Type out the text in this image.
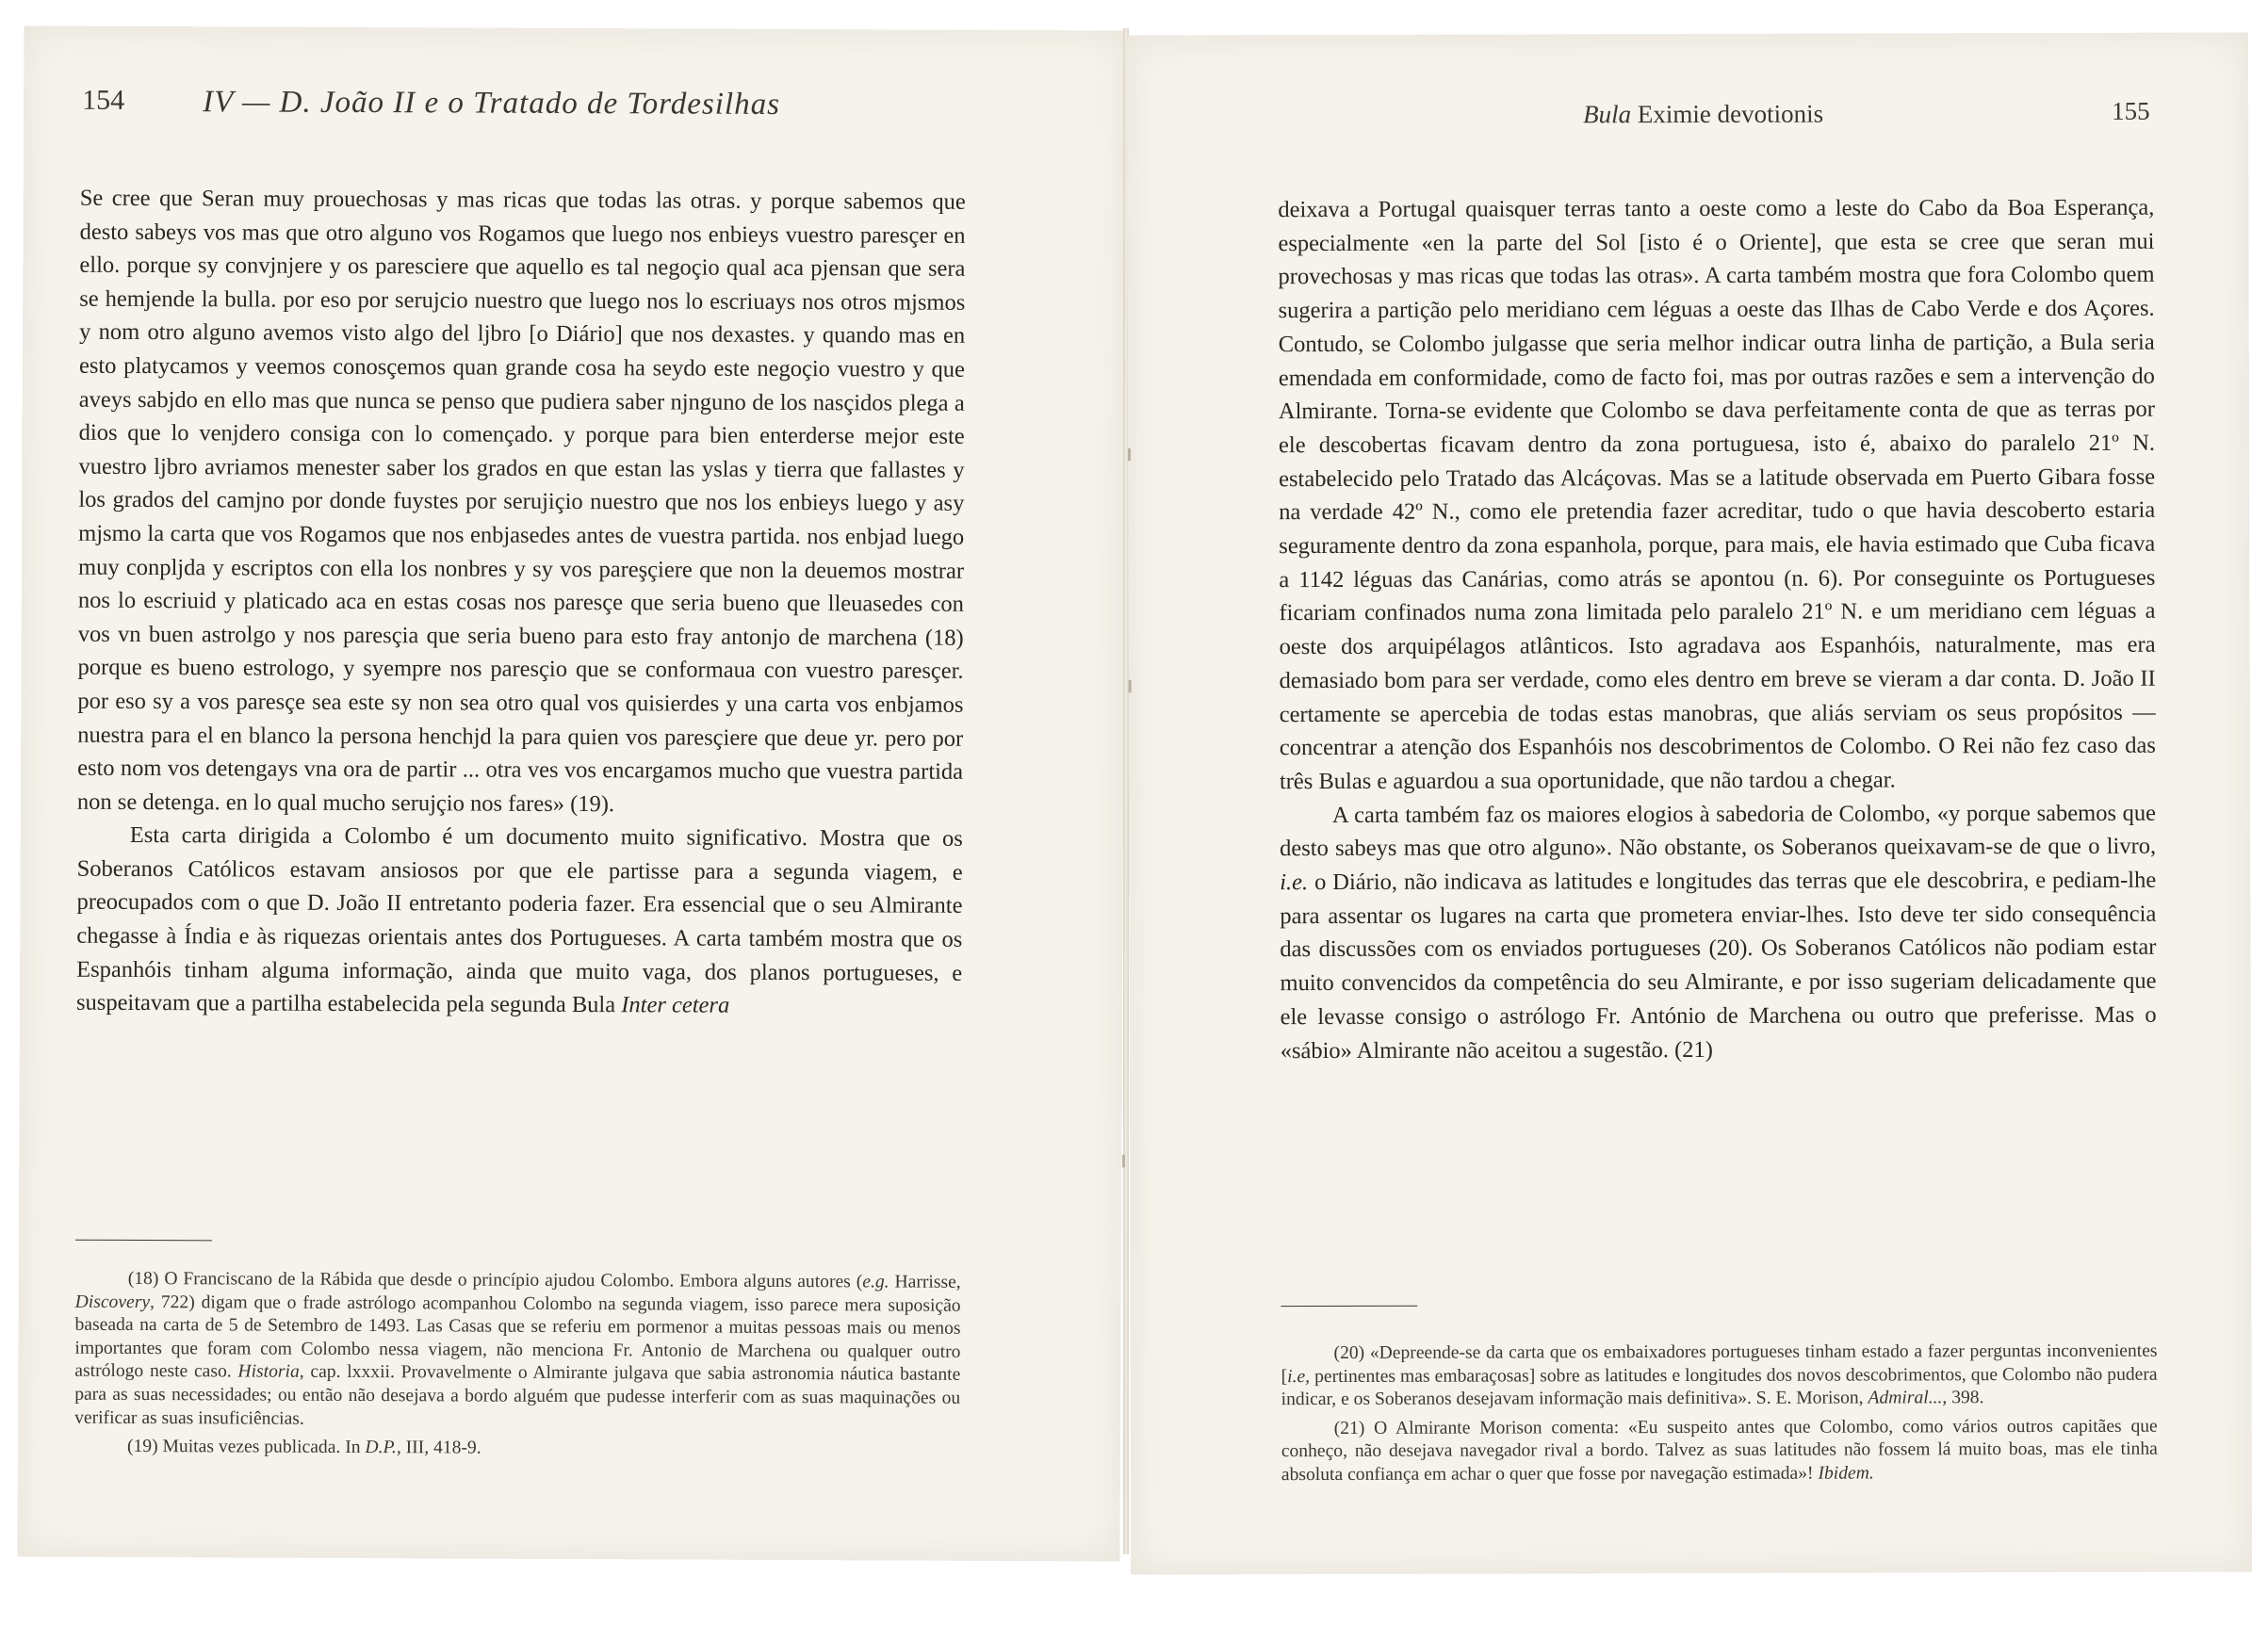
154	IV — D. João II e o Tratado de Tordesilhas

Se cree que Seran muy prouechosas y mas ricas que todas las otras. y porque sabemos que desto sabeys vos mas que otro alguno vos Rogamos que luego nos enbieys vuestro paresçer en ello. porque sy convjnjere y os paresciere que aquello es tal negoçio qual aca pjensan que sera se hemjende la bulla. por eso por serujcio nuestro que luego nos lo escriuays nos otros mjsmos y nom otro alguno avemos visto algo del ljbro [o Diário] que nos dexastes. y quando mas en esto platycamos y veemos conosçemos quan grande cosa ha seydo este negoçio vuestro y que aveys sabjdo en ello mas que nunca se penso que pudiera saber njnguno de los nasçidos plega a dios que lo venjdero consiga con lo començado. y porque para bien enterderse mejor este vuestro ljbro avriamos menester saber los grados en que estan las yslas y tierra que fallastes y los grados del camjno por donde fuystes por serujiçio nuestro que nos los enbieys luego y asy mjsmo la carta que vos Rogamos que nos enbjasedes antes de vuestra partida. nos enbjad luego muy conpljda y escriptos con ella los nonbres y sy vos pareşçiere que non la deuemos mostrar nos lo escriuid y platicado aca en estas cosas nos paresçe que seria bueno que lleuasedes con vos vn buen astrolgo y nos paresçia que seria bueno para esto fray antonjo de marchena (18) porque es bueno estrologo, y syempre nos paresçio que se conformaua con vuestro paresçer. por eso sy a vos paresçe sea este sy non sea otro qual vos quisierdes y una carta vos enbjamos nuestra para el en blanco la persona henchjd la para quien vos paresçiere que deue yr. pero por esto nom vos detengays vna ora de partir ... otra ves vos encargamos mucho que vuestra partida non se detenga. en lo qual mucho serujçio nos fares» (19).

Esta carta dirigida a Colombo é um documento muito significativo. Mostra que os Soberanos Católicos estavam ansiosos por que ele partisse para a segunda viagem, e preocupados com o que D. João II entretanto poderia fazer. Era essencial que o seu Almirante chegasse à Índia e às riquezas orientais antes dos Portugueses. A carta também mostra que os Espanhóis tinham alguma informação, ainda que muito vaga, dos planos portugueses, e suspeitavam que a partilha estabelecida pela segunda Bula Inter cetera

(18) O Franciscano de la Rábida que desde o princípio ajudou Colombo. Embora alguns autores (e.g. Harrisse, Discovery, 722) digam que o frade astrólogo acompanhou Colombo na segunda viagem, isso parece mera suposição baseada na carta de 5 de Setembro de 1493. Las Casas que se referiu em pormenor a muitas pessoas mais ou menos importantes que foram com Colombo nessa viagem, não menciona Fr. Antonio de Marchena ou qualquer outro astrólogo neste caso. Historia, cap. lxxxii. Provavelmente o Almirante julgava que sabia astronomia náutica bastante para as suas necessidades; ou então não desejava a bordo alguém que pudesse interferir com as suas maquinações ou verificar as suas insuficiências.

(19) Muitas vezes publicada. In D.P., III, 418-9.

Bula Eximie devotionis	155

deixava a Portugal quaisquer terras tanto a oeste como a leste do Cabo da Boa Esperança, especialmente «en la parte del Sol [isto é o Oriente], que esta se cree que seran mui provechosas y mas ricas que todas las otras». A carta também mostra que fora Colombo quem sugerira a partição pelo meridiano cem léguas a oeste das Ilhas de Cabo Verde e dos Açores. Contudo, se Colombo julgasse que seria melhor indicar outra linha de partição, a Bula seria emendada em conformidade, como de facto foi, mas por outras razões e sem a intervenção do Almirante. Torna-se evidente que Colombo se dava perfeitamente conta de que as terras por ele descobertas ficavam dentro da zona portuguesa, isto é, abaixo do paralelo 21º N. estabelecido pelo Tratado das Alcáçovas. Mas se a latitude observada em Puerto Gibara fosse na verdade 42º N., como ele pretendia fazer acreditar, tudo o que havia descoberto estaria seguramente dentro da zona espanhola, porque, para mais, ele havia estimado que Cuba ficava a 1142 léguas das Canárias, como atrás se apontou (n. 6). Por conseguinte os Portugueses ficariam confinados numa zona limitada pelo paralelo 21º N. e um meridiano cem léguas a oeste dos arquipélagos atlânticos. Isto agradava aos Espanhóis, naturalmente, mas era demasiado bom para ser verdade, como eles dentro em breve se vieram a dar conta. D. João II certamente se apercebia de todas estas manobras, que aliás serviam os seus propósitos — concentrar a atenção dos Espanhóis nos descobrimentos de Colombo. O Rei não fez caso das três Bulas e aguardou a sua oportunidade, que não tardou a chegar.

A carta também faz os maiores elogios à sabedoria de Colombo, «y porque sabemos que desto sabeys mas que otro alguno». Não obstante, os Soberanos queixavam-se de que o livro, i.e. o Diário, não indicava as latitudes e longitudes das terras que ele descobrira, e pediam-lhe para assentar os lugares na carta que prometera enviar-lhes. Isto deve ter sido consequência das discussões com os enviados portugueses (20). Os Soberanos Católicos não podiam estar muito convencidos da competência do seu Almirante, e por isso sugeriam delicadamente que ele levasse consigo o astrólogo Fr. António de Marchena ou outro que preferisse. Mas o «sábio» Almirante não aceitou a sugestão. (21)

(20) «Depreende-se da carta que os embaixadores portugueses tinham estado a fazer perguntas inconvenientes [i.e, pertinentes mas embaraçosas] sobre as latitudes e longitudes dos novos descobrimentos, que Colombo não pudera indicar, e os Soberanos desejavam informação mais definitiva». S. E. Morison, Admiral..., 398.

(21) O Almirante Morison comenta: «Eu suspeito antes que Colombo, como vários outros capitães que conheço, não desejava navegador rival a bordo. Talvez as suas latitudes não fossem lá muito boas, mas ele tinha absoluta confiança em achar o quer que fosse por navegação estimada»! Ibidem.
